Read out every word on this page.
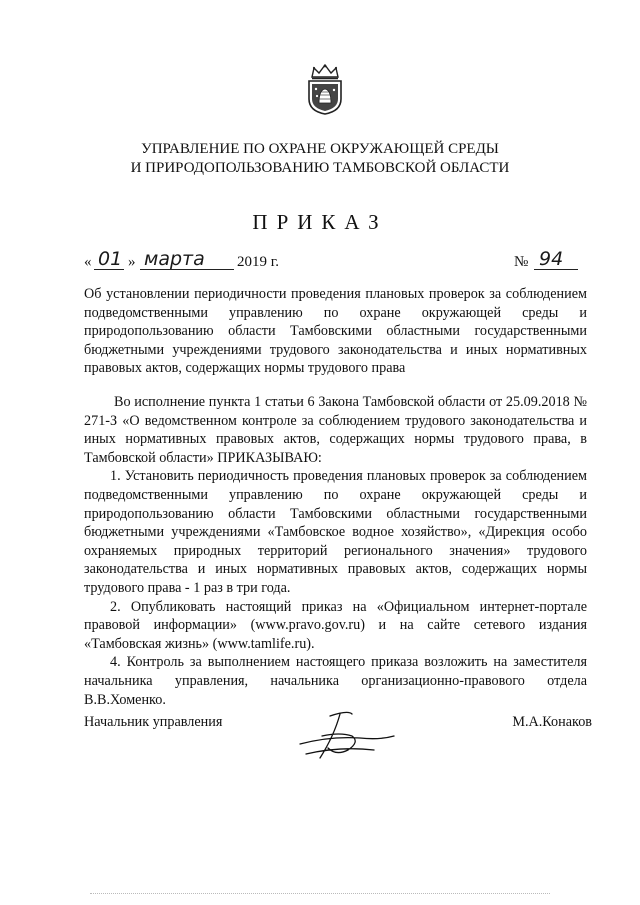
УПРАВЛЕНИЕ ПО ОХРАНЕ ОКРУЖАЮЩЕЙ СРЕДЫ
И ПРИРОДОПОЛЬЗОВАНИЮ ТАМБОВСКОЙ ОБЛАСТИ
ПРИКАЗ
« 01 » марта 2019 г.	№ 94
Об установлении периодичности проведения плановых проверок за соблюдением подведомственными управлению по охране окружающей среды и природопользованию области Тамбовскими областными государственными бюджетными учреждениями трудового законодательства и иных нормативных правовых актов, содержащих нормы трудового права

Во исполнение пункта 1 статьи 6 Закона Тамбовской области от 25.09.2018 № 271-З «О ведомственном контроле за соблюдением трудового законодательства и иных нормативных правовых актов, содержащих нормы трудового права, в Тамбовской области» ПРИКАЗЫВАЮ:

1. Установить периодичность проведения плановых проверок за соблюдением подведомственными управлению по охране окружающей среды и природопользованию области Тамбовскими областными государственными бюджетными учреждениями «Тамбовское водное хозяйство», «Дирекция особо охраняемых природных территорий регионального значения» трудового законодательства и иных нормативных правовых актов, содержащих нормы трудового права - 1 раз в три года.

2. Опубликовать настоящий приказ на «Официальном интернет-портале правовой информации» (www.pravo.gov.ru) и на сайте сетевого издания «Тамбовская жизнь» (www.tamlife.ru).

4. Контроль за выполнением настоящего приказа возложить на заместителя начальника управления, начальника организационно-правового отдела В.В.Хоменко.

Начальник управления	М.А.Конаков
